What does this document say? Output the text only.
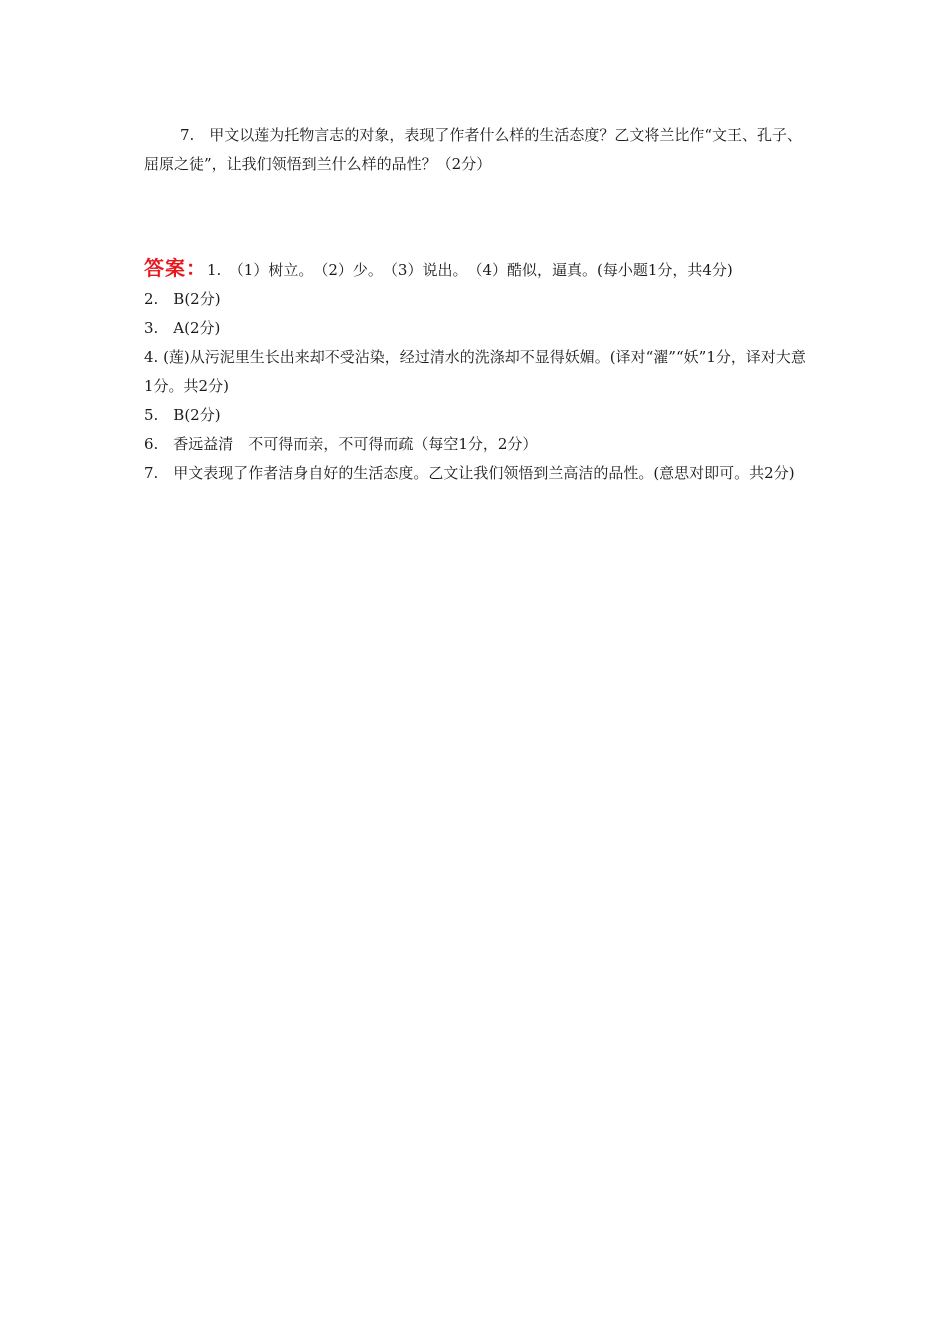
7.　甲文以莲为托物言志的对象，表现了作者什么样的生活态度？乙文将兰比作“文王、孔子、屈原之徒”，让我们领悟到兰什么样的品性？（2分）

答案：1.　（1）树立。　（2）少。　（3）说出。　（4）酷似，逼真。(每小题1分，共4分)

2.　B(2分)

3.　A(2分)

4. (莲)从污泥里生长出来却不受沾染，经过清水的洗涤却不显得妖媚。(译对“濯”“妖”1分，译对大意1分。共2分)

5.　B(2分)

6.　香远益清　不可得而亲，不可得而疏（每空1分，2分）

7.　甲文表现了作者洁身自好的生活态度。乙文让我们领悟到兰高洁的品性。(意思对即可。共2分)
